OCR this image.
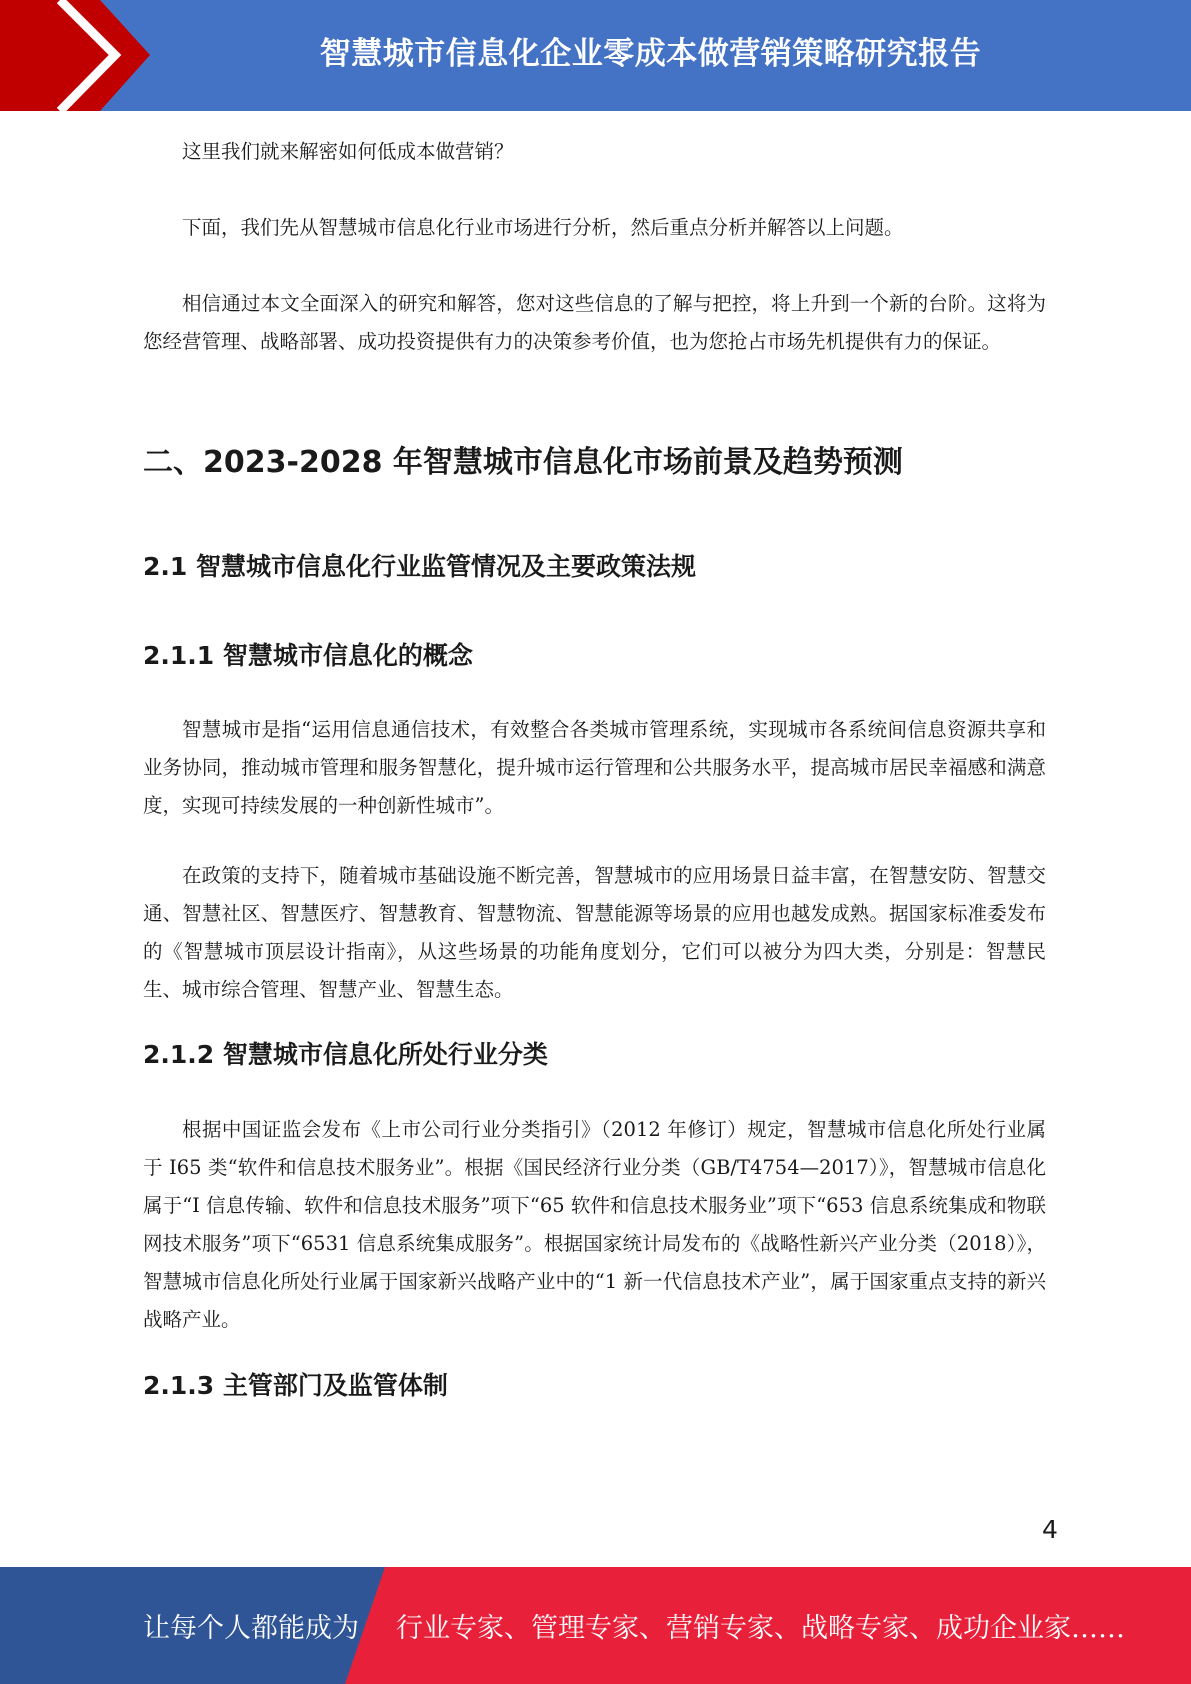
智慧城市信息化企业零成本做营销策略研究报告

这里我们就来解密如何低成本做营销？

下面，我们先从智慧城市信息化行业市场进行分析，然后重点分析并解答以上问题。

相信通过本文全面深入的研究和解答，您对这些信息的了解与把控，将上升到一个新的台阶。这将为您经营管理、战略部署、成功投资提供有力的决策参考价值，也为您抢占市场先机提供有力的保证。

二、2023-2028 年智慧城市信息化市场前景及趋势预测
2.1 智慧城市信息化行业监管情况及主要政策法规
2.1.1 智慧城市信息化的概念

智慧城市是指“运用信息通信技术，有效整合各类城市管理系统，实现城市各系统间信息资源共享和业务协同，推动城市管理和服务智慧化，提升城市运行管理和公共服务水平，提高城市居民幸福感和满意度，实现可持续发展的一种创新性城市”。

在政策的支持下，随着城市基础设施不断完善，智慧城市的应用场景日益丰富，在智慧安防、智慧交通、智慧社区、智慧医疗、智慧教育、智慧物流、智慧能源等场景的应用也越发成熟。据国家标准委发布的《智慧城市顶层设计指南》，从这些场景的功能角度划分，它们可以被分为四大类，分别是：智慧民生、城市综合管理、智慧产业、智慧生态。

2.1.2 智慧城市信息化所处行业分类

根据中国证监会发布《上市公司行业分类指引》（2012 年修订）规定，智慧城市信息化所处行业属于 I65 类“软件和信息技术服务业”。根据《国民经济行业分类（GB/T4754—2017）》，智慧城市信息化属于“I 信息传输、软件和信息技术服务”项下“65 软件和信息技术服务业”项下“653 信息系统集成和物联网技术服务”项下“6531 信息系统集成服务”。根据国家统计局发布的《战略性新兴产业分类（2018）》，智慧城市信息化所处行业属于国家新兴战略产业中的“1 新一代信息技术产业”，属于国家重点支持的新兴战略产业。

2.1.3 主管部门及监管体制
4
让每个人都能成为 行业专家、管理专家、营销专家、战略专家、成功企业家……
